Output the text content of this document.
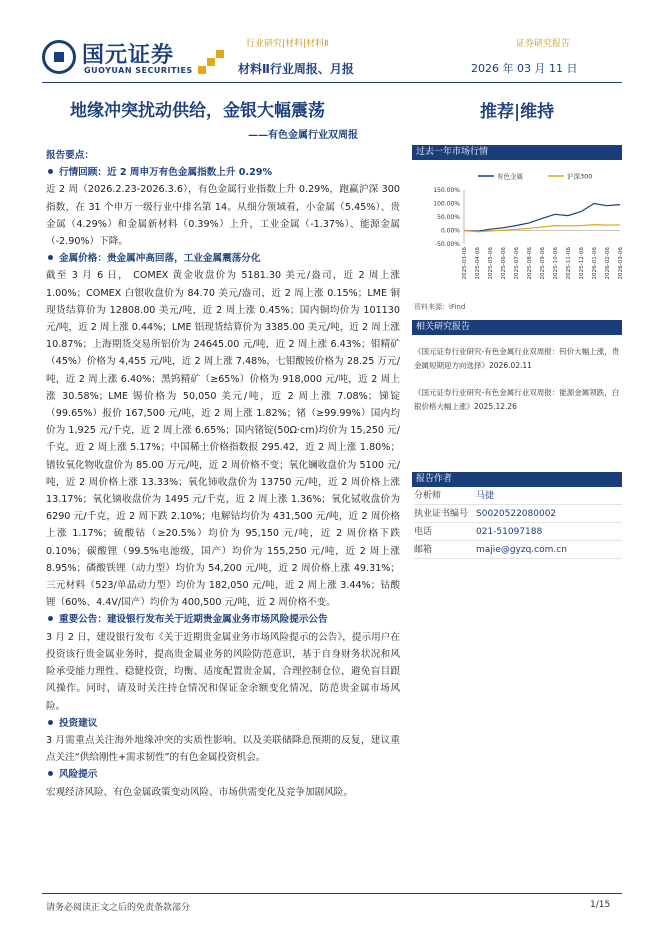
国元证券
GUOYUAN SECURITIES
行业研究|材料|材料Ⅱ	证券研究报告
材料Ⅱ行业周报、月报	2026 年 03 月 11 日
地缘冲突扰动供给，金银大幅震荡
——有色金属行业双周报
推荐|维持

报告要点：

行情回顾：近 2 周申万有色金属指数上升 0.29%

近 2 周（2026.2.23-2026.3.6），有色金属行业指数上升 0.29%，跑赢沪深 300 指数，在 31 个申万一级行业中排名第 14。从细分领域看，小金属（5.45%）、贵金属（4.29%）和金属新材料（0.39%）上升，工业金属（-1.37%）、能源金属（-2.90%）下降。

金属价格：贵金属冲高回落，工业金属震荡分化

截至 3 月 6 日， COMEX 黄金收盘价为 5181.30 美元/盎司，近 2 周上涨 1.00%；COMEX 白银收盘价为 84.70 美元/盎司，近 2 周上涨 0.15%；LME 铜现货结算价为 12808.00 美元/吨，近 2 周上涨 0.45%；国内铜均价为 101130 元/吨，近 2 周上涨 0.44%；LME 铝现货结算价为 3385.00 美元/吨，近 2 周上涨 10.87%；上海期货交易所铝价为 24645.00 元/吨，近 2 周上涨 6.43%；钼精矿（45%）价格为 4,455 元/吨，近 2 周上涨 7.48%，七钼酸铵价格为 28.25 万元/吨，近 2 周上涨 6.40%；黑钨精矿（≥65%）价格为 918,000 元/吨，近 2 周上涨 30.58%；LME 锡价格为 50,050 美元/吨，近 2 周上涨 7.08%；锑锭（99.65%）报价 167,500 元/吨，近 2 周上涨 1.82%；锗（≥99.99%）国内均价为 1,925 元/千克，近 2 周上涨 6.65%；国内锗锭(50Ω·cm)均价为 15,250 元/千克，近 2 周上涨 5.17%；中国稀土价格指数报 295.42，近 2 周上涨 1.80%；镨钕氧化物收盘价为 85.00 万元/吨，近 2 周价格不变；氧化镧收盘价为 5100 元/吨，近 2 周价格上涨 13.33%；氧化铈收盘价为 13750 元/吨，近 2 周价格上涨 13.17%；氧化镝收盘价为 1495 元/千克，近 2 周上涨 1.36%；氧化铽收盘价为 6290 元/千克，近 2 周下跌 2.10%；电解钴均价为 431,500 元/吨，近 2 周价格上涨 1.17%；硫酸钴（≥20.5%）均价为 95,150 元/吨，近 2 周价格下跌 0.10%；碳酸锂（99.5%电池级，国产）均价为 155,250 元/吨，近 2 周上涨 8.95%；磷酸铁锂（动力型）均价为 54,200 元/吨，近 2 周价格上涨 49.31%；三元材料（523/单晶动力型）均价为 182,050 元/吨，近 2 周上涨 3.44%；钴酸锂（60%、4.4V/国产）均价为 400,500 元/吨，近 2 周价格不变。

重要公告：建设银行发布关于近期贵金属业务市场风险提示公告

3 月 2 日，建设银行发布《关于近期贵金属业务市场风险提示的公告》，提示用户在投资该行贵金属业务时，提高贵金属业务的风险防范意识，基于自身财务状况和风险承受能力理性、稳健投资，均衡、适度配置贵金属，合理控制仓位，避免盲目跟风操作。同时，请及时关注持仓情况和保证金余额变化情况，防范贵金属市场风险。

投资建议

3 月需重点关注海外地缘冲突的实质性影响、以及美联储降息预期的反复，建议重点关注“供给刚性+需求韧性”的有色金属投资机会。

风险提示

宏观经济风险、有色金属政策变动风险、市场供需变化及竞争加剧风险。

过去一年市场行情
有色金属	沪深300
150.00%
100.00%
50.00%
0.00%
-50.00%
2025-03-06 2025-04-06 2025-05-06 2025-06-06 2025-07-06 2025-08-06 2025-09-06 2025-10-06 2025-11-06 2025-12-06 2026-01-06 2026-02-06 2026-03-06
资料来源：iFind
相关研究报告
《国元证券行业研究-有色金属行业双周报：钨价大幅上涨，贵金属短期迎方向选择》2026.02.11
《国元证券行业研究-有色金属行业双周报：能源金属领跌，白银价格大幅上涨》2025.12.26
报告作者
分析师	马捷
执业证书编号 S0020522080002
电话	021-51097188
邮箱	majie@gyzq.com.cn
请务必阅读正文之后的免责条款部分	1/15
